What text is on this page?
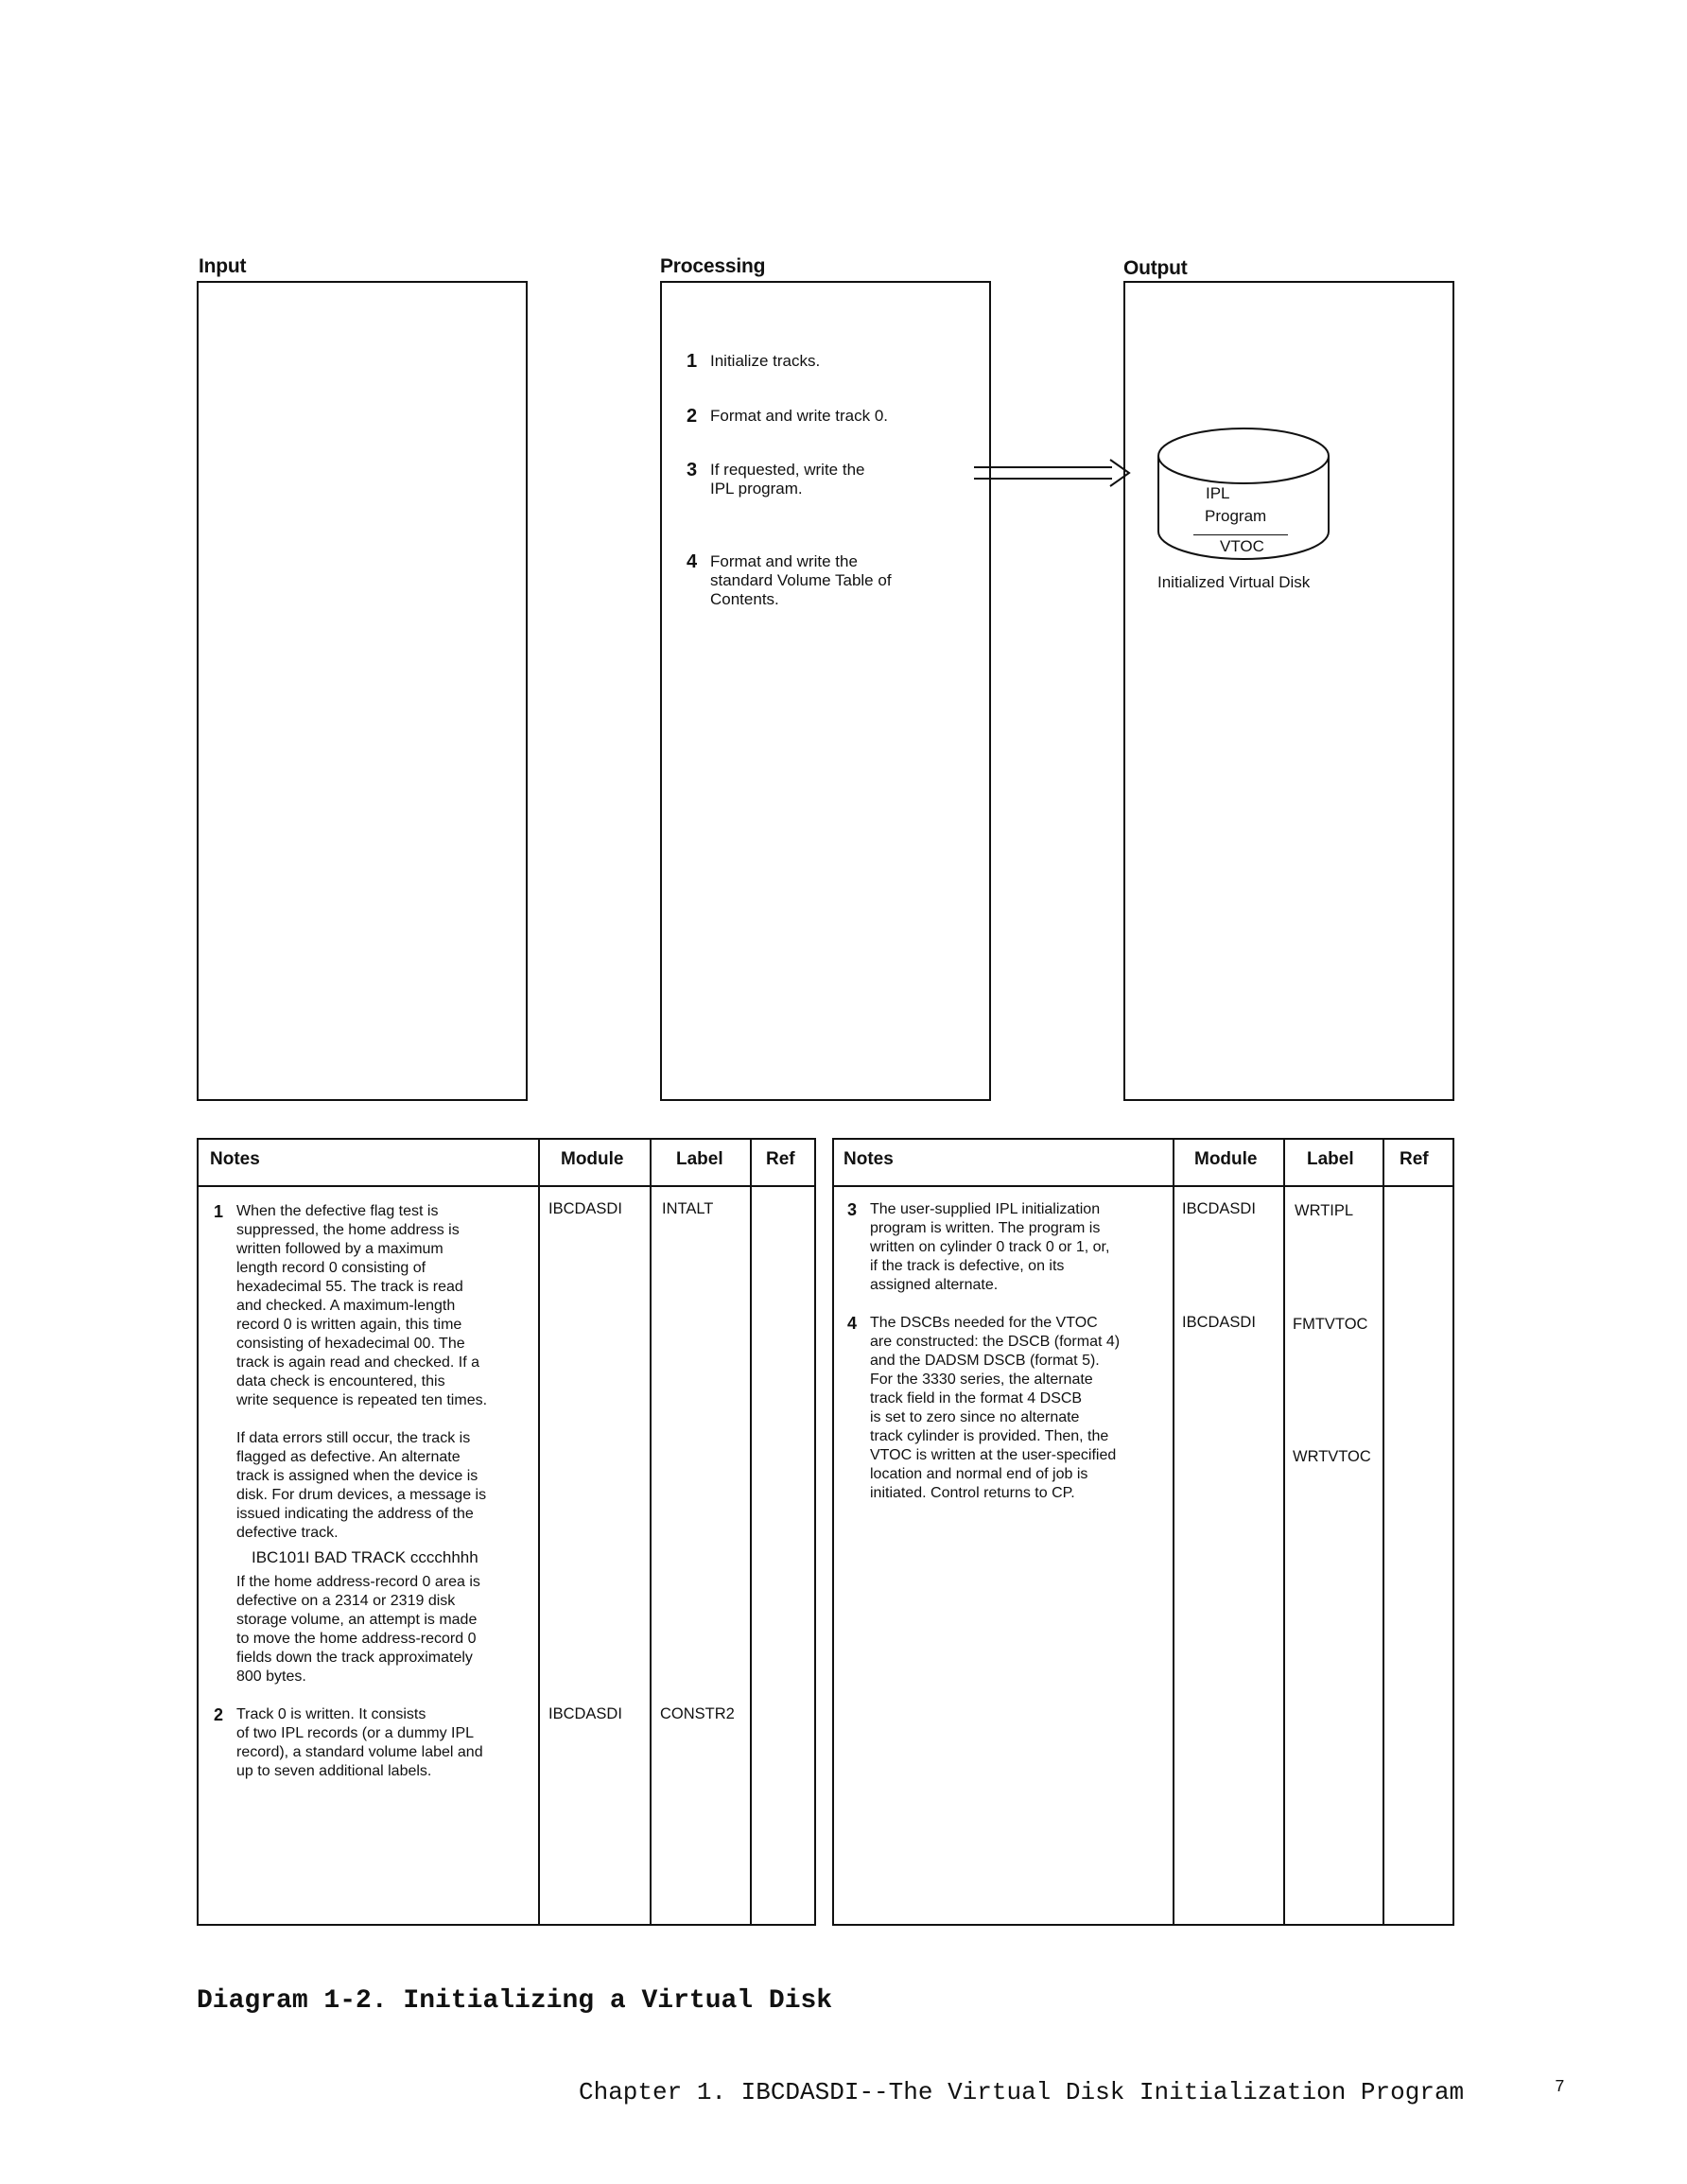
Input	Processing	Output
1 Initialize tracks.
2 Format and write track 0.
3 If requested, write the
IPL program.
4 Format and write the
standard Volume Table of
Contents.
IPL
Program
VTOC
Initialized Virtual Disk
Notes	Module	Label Ref
1 When the defective flag test is
suppressed, the home address is
written followed by a maximum
length record 0 consisting of
hexadecimal 55. The track is read
and checked. A maximum-length
record 0 is written again, this time
consisting of hexadecimal 00. The
track is again read and checked. If a
data check is encountered, this
write sequence is repeated ten times.
If data errors still occur, the track is
flagged as defective. An alternate
track is assigned when the device is
disk. For drum devices, a message is
issued indicating the address of the
defective track.
IBC101I BAD TRACK cccchhhh
If the home address-record 0 area is
defective on a 2314 or 2319 disk
storage volume, an attempt is made
to move the home address-record 0
fields down the track approximately
800 bytes.
IBCDASDI	INTALT
2 Track 0 is written. It consists
of two IPL records (or a dummy IPL
record), a standard volume label and
up to seven additional labels.
IBCDASDI CONSTR2
Notes	Module	Label	Ref
3 The user-supplied IPL initialization
program is written. The program is
written on cylinder 0 track 0 or 1, or,
if the track is defective, on its
assigned alternate.
IBCDASDI WRTIPL
4 The DSCBs needed for the VTOC
are constructed: the DSCB (format 4)
and the DADSM DSCB (format 5).
For the 3330 series, the alternate
track field in the format 4 DSCB
is set to zero since no alternate
track cylinder is provided. Then, the
VTOC is written at the user-specified
location and normal end of job is
initiated. Control returns to CP.
IBCDASDI FMTVTOC
WRTVTOC
Diagram 1-2. Initializing a Virtual Disk
Chapter 1. IBCDASDI--The Virtual Disk Initialization Program	7
